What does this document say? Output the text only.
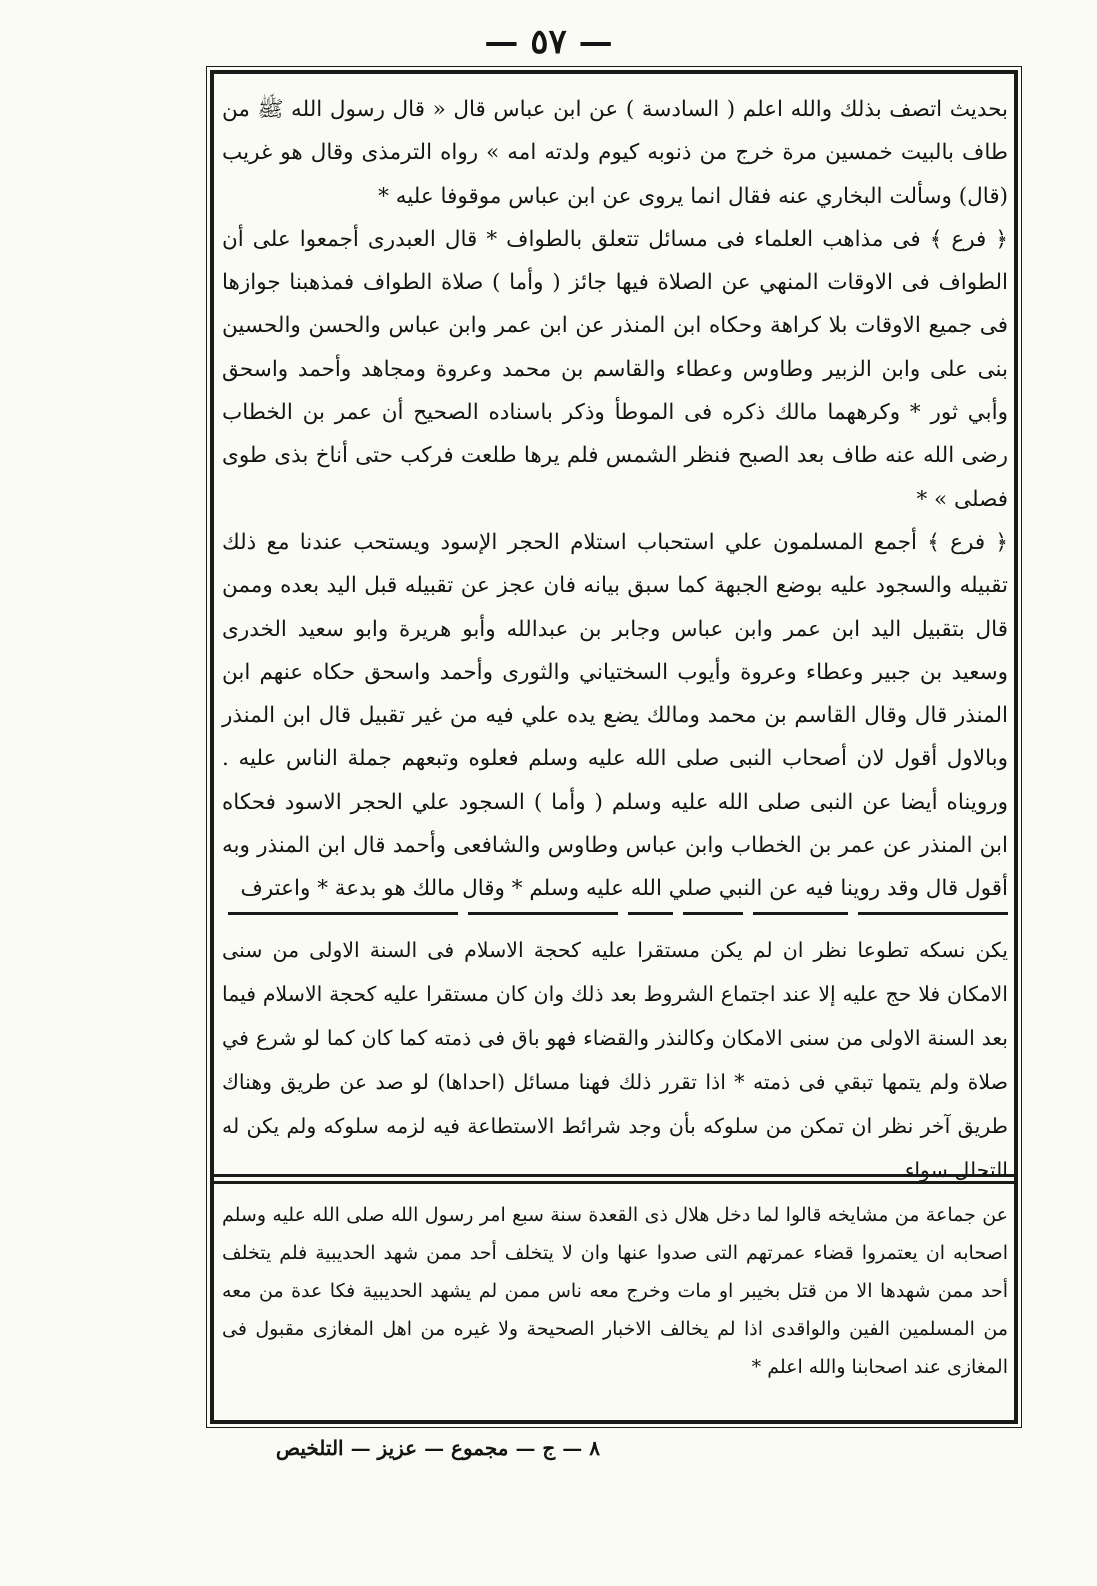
— ٥٧ —

بحديث اتصف بذلك والله اعلم ( السادسة ) عن ابن عباس قال « قال رسول الله ﷺ من طاف بالبيت خمسين مرة خرج من ذنوبه كيوم ولدته امه » رواه الترمذى وقال هو غريب (قال) وسألت البخاري عنه فقال انما يروى عن ابن عباس موقوفا عليه *

﴿ فرع ﴾ فى مذاهب العلماء فى مسائل تتعلق بالطواف * قال العبدرى أجمعوا على أن الطواف فى الاوقات المنهي عن الصلاة فيها جائز ( وأما ) صلاة الطواف فمذهبنا جوازها فى جميع الاوقات بلا كراهة وحكاه ابن المنذر عن ابن عمر وابن عباس والحسن والحسين بنى على وابن الزبير وطاوس وعطاء والقاسم بن محمد وعروة ومجاهد وأحمد واسحق وأبي ثور * وكرههما مالك ذكره فى الموطأ وذكر باسناده الصحيح أن عمر بن الخطاب رضى الله عنه طاف بعد الصبح فنظر الشمس فلم يرها طلعت فركب حتى أناخ بذى طوى فصلى » *

﴿ فرع ﴾ أجمع المسلمون علي استحباب استلام الحجر الإسود ويستحب عندنا مع ذلك تقبيله والسجود عليه بوضع الجبهة كما سبق بيانه فان عجز عن تقبيله قبل اليد بعده وممن قال بتقبيل اليد ابن عمر وابن عباس وجابر بن عبدالله وأبو هريرة وابو سعيد الخدرى وسعيد بن جبير وعطاء وعروة وأيوب السختياني والثورى وأحمد واسحق حكاه عنهم ابن المنذر قال وقال القاسم بن محمد ومالك يضع يده علي فيه من غير تقبيل قال ابن المنذر وبالاول أقول لان أصحاب النبى صلى الله عليه وسلم فعلوه وتبعهم جملة الناس عليه . ورويناه أيضا عن النبى صلى الله عليه وسلم ( وأما ) السجود علي الحجر الاسود فحكاه ابن المنذر عن عمر بن الخطاب وابن عباس وطاوس والشافعى وأحمد قال ابن المنذر وبه أقول قال وقد روينا فيه عن النبي صلي الله عليه وسلم * وقال مالك هو بدعة * واعترف

يكن نسكه تطوعا نظر ان لم يكن مستقرا عليه كحجة الاسلام فى السنة الاولى من سنى الامكان فلا حج عليه إلا عند اجتماع الشروط بعد ذلك وان كان مستقرا عليه كحجة الاسلام فيما بعد السنة الاولى من سنى الامكان وكالنذر والقضاء فهو باق فى ذمته كما كان كما لو شرع في صلاة ولم يتمها تبقي فى ذمته * اذا تقرر ذلك فهنا مسائل (احداها) لو صد عن طريق وهناك طريق آخر نظر ان تمكن من سلوكه بأن وجد شرائط الاستطاعة فيه لزمه سلوكه ولم يكن له التحلل سواء

عن جماعة من مشايخه قالوا لما دخل هلال ذى القعدة سنة سبع امر رسول الله صلى الله عليه وسلم اصحابه ان يعتمروا قضاء عمرتهم التى صدوا عنها وان لا يتخلف أحد ممن شهد الحديبية فلم يتخلف أحد ممن شهدها الا من قتل بخيبر او مات وخرج معه ناس ممن لم يشهد الحديبية فكا عدة من معه من المسلمين الفين والواقدى اذا لم يخالف الاخبار الصحيحة ولا غيره من اهل المغازى مقبول فى المغازى عند اصحابنا والله اعلم *

٨ — ج — مجموع — عزيز — التلخيص
